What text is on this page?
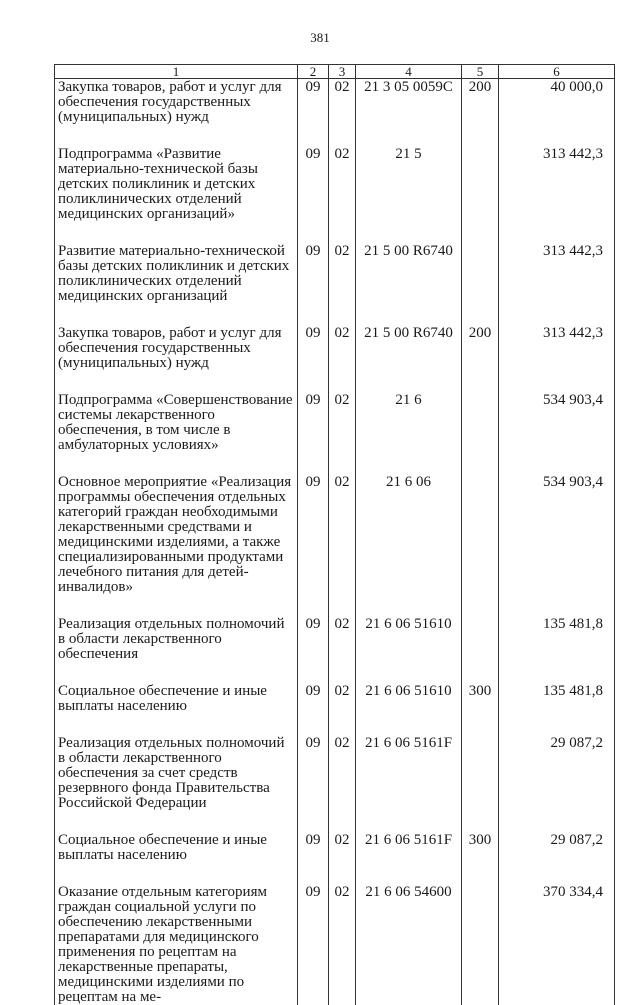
381
1	2	3	4	5	6
Закупка товаров, работ и услуг для обеспечения государственных (муниципальных) нужд	09	02	21 3 05 0059C	200	40 000,0
Подпрограмма «Развитие материально-технической базы детских поликлиник и детских поликлинических отделений медицинских организаций»	09	02	21 5		313 442,3
Развитие материально-технической базы детских поликлиник и детских поликлинических отделений медицинских организаций	09	02	21 5 00 R6740		313 442,3
Закупка товаров, работ и услуг для обеспечения государственных (муниципальных) нужд	09	02	21 5 00 R6740	200	313 442,3
Подпрограмма «Совершенствование системы лекарственного обеспечения, в том числе в амбулаторных условиях»	09	02	21 6		534 903,4
Основное мероприятие «Реализация программы обеспечения отдельных категорий граждан необходимыми лекарственными средствами и медицинскими изделиями, а также специализированными продуктами лечебного питания для детей-инвалидов»	09	02	21 6 06		534 903,4
Реализация отдельных полномочий в области лекарственного обеспечения	09	02	21 6 06 51610		135 481,8
Социальное обеспечение и иные выплаты населению	09	02	21 6 06 51610	300	135 481,8
Реализация отдельных полномочий в области лекарственного обеспечения за счет средств резервного фонда Правительства Российской Федерации	09	02	21 6 06 5161F		29 087,2
Социальное обеспечение и иные выплаты населению	09	02	21 6 06 5161F	300	29 087,2
Оказание отдельным категориям граждан социальной услуги по обеспечению лекарственными препаратами для медицинского применения по рецептам на лекарственные препараты, медицинскими изделиями по рецептам на ме-	09	02	21 6 06 54600		370 334,4
